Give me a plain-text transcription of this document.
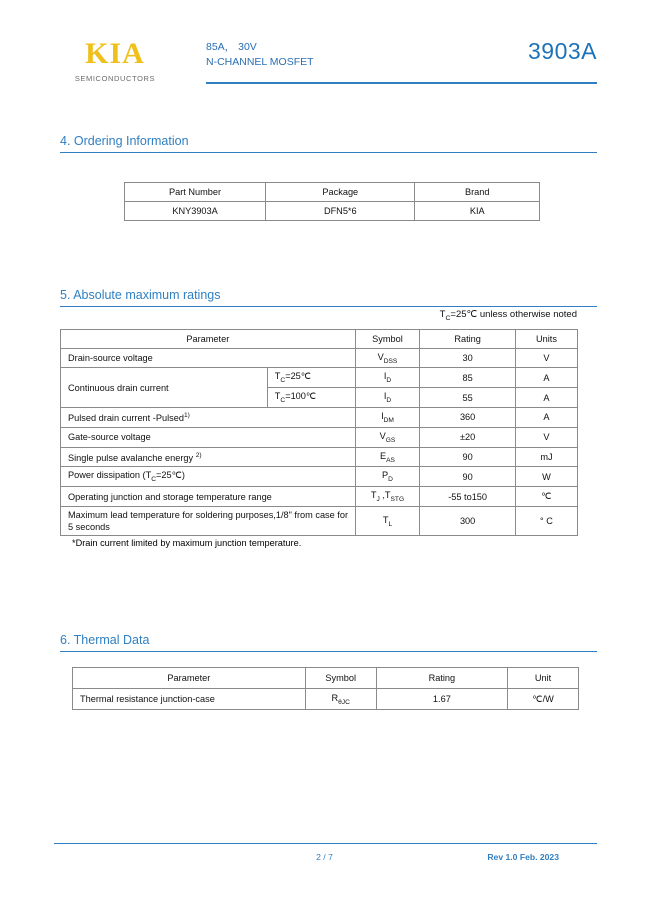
KIA
SEMICONDUCTORS
85A， 30V
N-CHANNEL MOSFET	3903A
4. Ordering Information
Part Number	Package	Brand
KNY3903A	DFN5*6	KIA
5. Absolute maximum ratings
$T_C=25℃$ unless otherwise noted
Parameter		Symbol	Rating	Units
Drain-source voltage		$V_{DSS}$	30	V
Continuous drain current	$T_C=25℃$	$I_D$	85	A
	$T_C=100℃$	$I_D$	55	A
Pulsed drain current -Pulsed$^{1)}$		$I_{DM}$	360	A
Gate-source voltage		$V_{GS}$	±20	V
Single pulse avalanche energy $^{2)}$		$E_{AS}$	90	mJ
Power dissipation $(T_C=25℃)$		$P_D$	90	W
Operating junction and storage temperature range		$T_J$ $,T_{STG}$	-55 to150	℃
Maximum lead temperature for soldering purposes,1/8" from case for 5 seconds		$T_L$	300	° C
*Drain current limited by maximum junction temperature.
6. Thermal Data
Parameter	Symbol	Rating	Unit
Thermal resistance junction-case	$R_{\theta JC}$	1.67	℃/W
2 / 7	Rev 1.0 Feb. 2023
